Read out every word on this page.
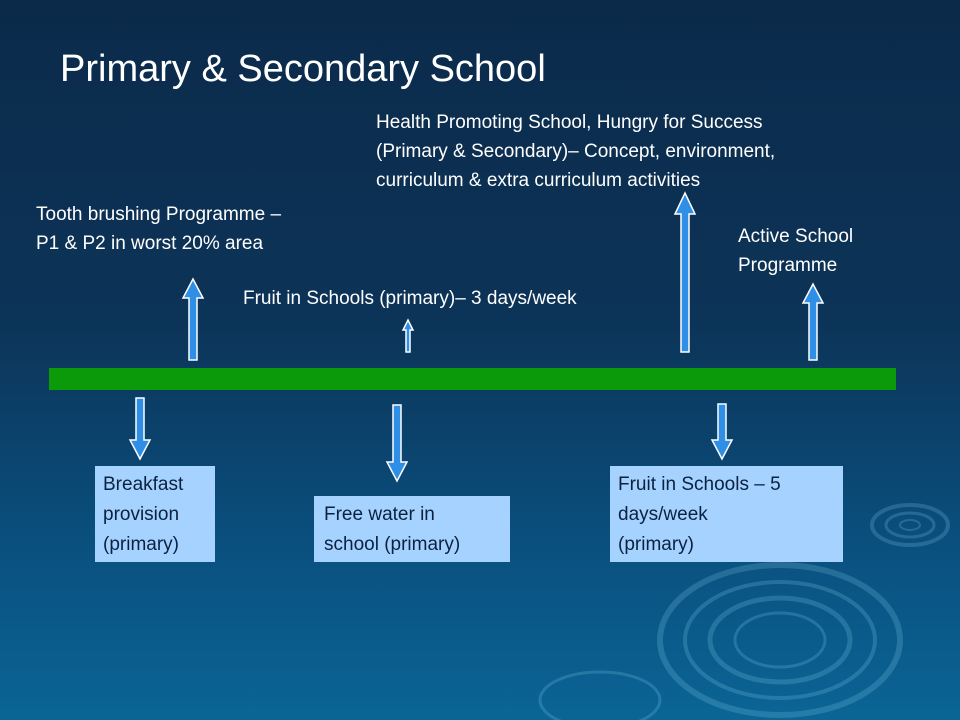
Primary & Secondary School
Tooth brushing Programme –
P1 & P2 in worst 20% area
Fruit in Schools (primary)– 3 days/week
Health Promoting School, Hungry for Success
(Primary & Secondary)– Concept, environment,
curriculum & extra curriculum activities
Active School
Programme
Breakfast
provision
(primary)
Free water in
school (primary)
Fruit in Schools – 5
days/week
(primary)
